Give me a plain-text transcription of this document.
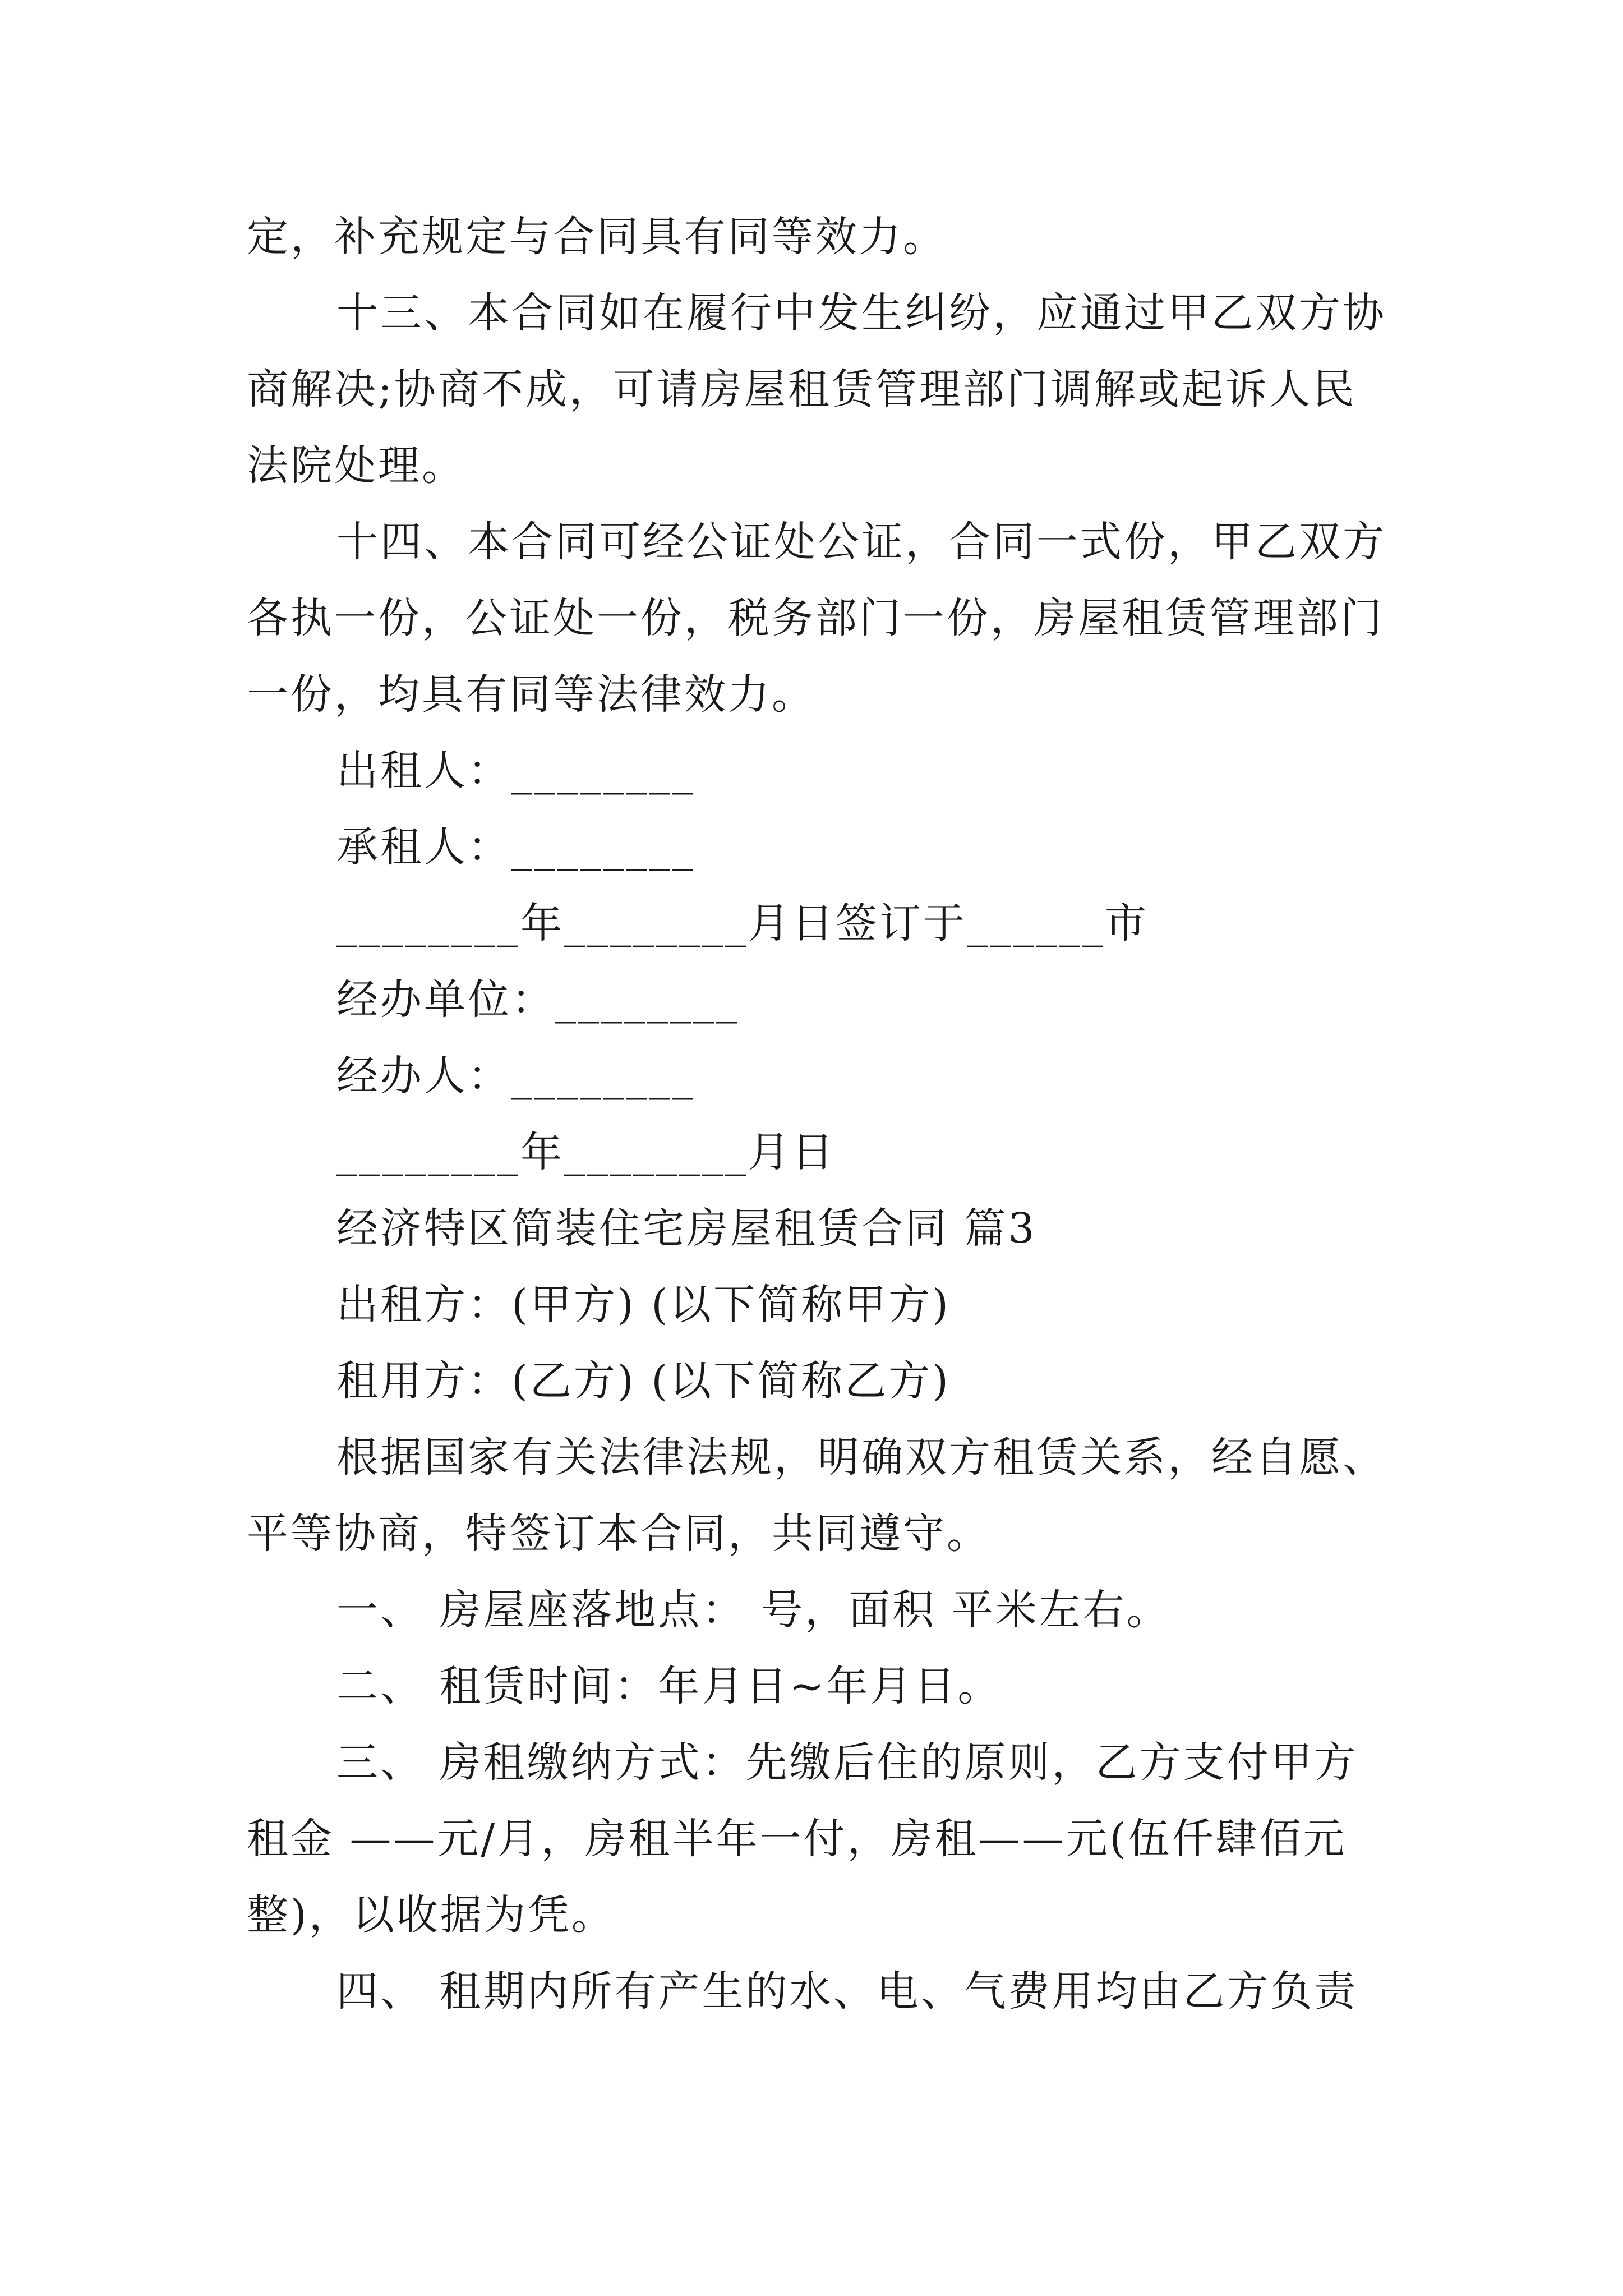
定，补充规定与合同具有同等效力。
十三、本合同如在履行中发生纠纷，应通过甲乙双方协
商解决;协商不成，可请房屋租赁管理部门调解或起诉人民
法院处理。
十四、本合同可经公证处公证，合同一式份，甲乙双方
各执一份，公证处一份，税务部门一份，房屋租赁管理部门
一份，均具有同等法律效力。
出租人：________
承租人：________
________年________月日签订于______市
经办单位：________
经办人：________
________年________月日
经济特区简装住宅房屋租赁合同 篇3
出租方：(甲方) (以下简称甲方)
租用方：(乙方) (以下简称乙方)
根据国家有关法律法规，明确双方租赁关系，经自愿、
平等协商，特签订本合同，共同遵守。
一、 房屋座落地点： 号，面积 平米左右。
二、 租赁时间：年月日~年月日。
三、 房租缴纳方式：先缴后住的原则，乙方支付甲方
租金 ——元/月，房租半年一付，房租——元(伍仟肆佰元
整)，以收据为凭。
四、 租期内所有产生的水、电、气费用均由乙方负责
